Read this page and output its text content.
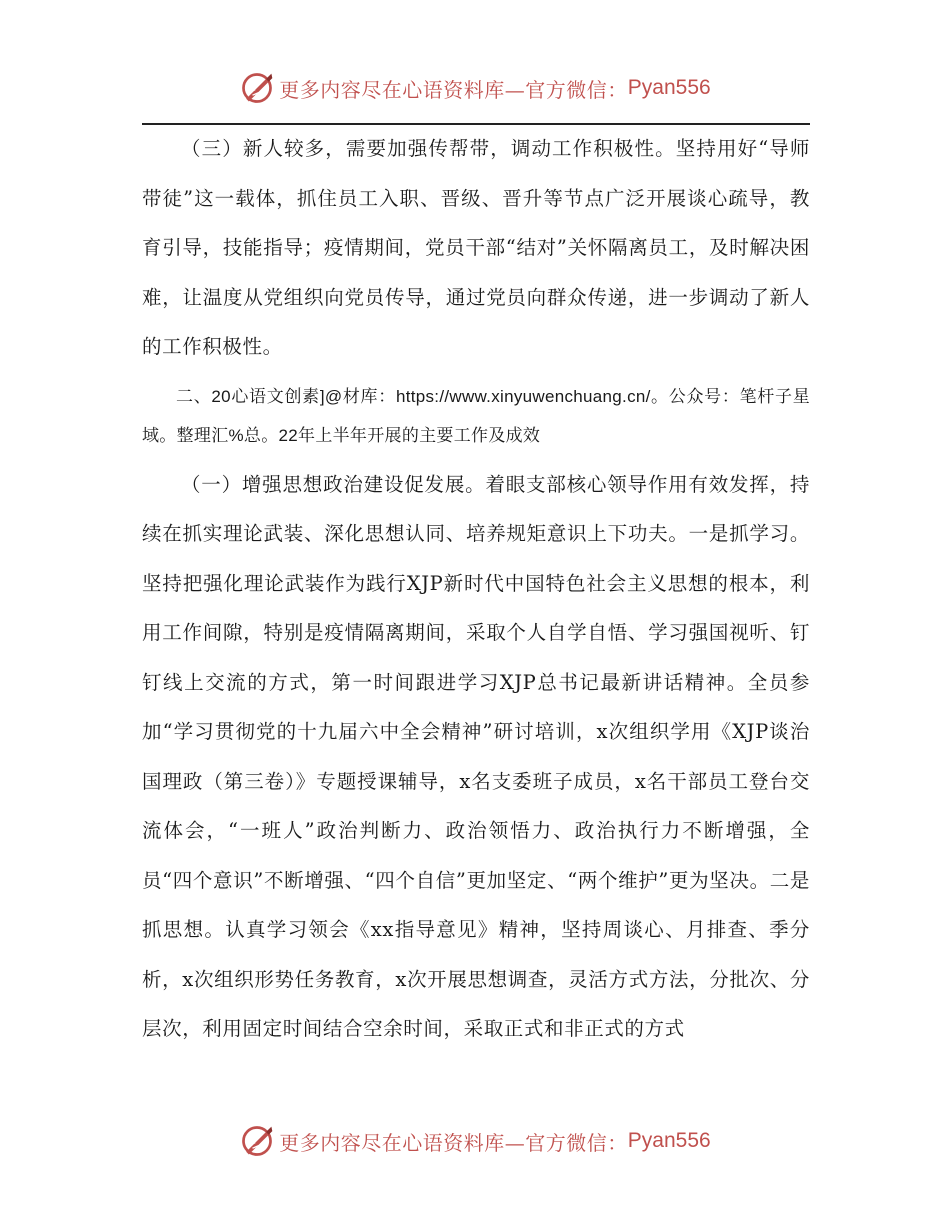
更多内容尽在心语资料库—官方微信： Pyan556

（三）新人较多，需要加强传帮带，调动工作积极性。坚持用好“导师带徒”这一载体，抓住员工入职、晋级、晋升等节点广泛开展谈心疏导，教育引导，技能指导；疫情期间，党员干部“结对”关怀隔离员工，及时解决困难，让温度从党组织向党员传导，通过党员向群众传递，进一步调动了新人的工作积极性。

二、20心语文创素]@材库：https://www.xinyuwenchuang.cn/。公众号：笔杆子星域。整理汇%总。22年上半年开展的主要工作及成效

（一）增强思想政治建设促发展。着眼支部核心领导作用有效发挥，持续在抓实理论武装、深化思想认同、培养规矩意识上下功夫。一是抓学习。坚持把强化理论武装作为践行XJP新时代中国特色社会主义思想的根本，利用工作间隙，特别是疫情隔离期间，采取个人自学自悟、学习强国视听、钉钉线上交流的方式，第一时间跟进学习XJP总书记最新讲话精神。全员参加“学习贯彻党的十九届六中全会精神”研讨培训，x次组织学用《XJP谈治国理政（第三卷）》专题授课辅导，x名支委班子成员，x名干部员工登台交流体会，“一班人”政治判断力、政治领悟力、政治执行力不断增强，全员“四个意识”不断增强、“四个自信”更加坚定、“两个维护”更为坚决。二是抓思想。认真学习领会《xx指导意见》精神，坚持周谈心、月排查、季分析，x次组织形势任务教育，x次开展思想调查，灵活方式方法，分批次、分层次，利用固定时间结合空余时间，采取正式和非正式的方式

更多内容尽在心语资料库—官方微信： Pyan556
